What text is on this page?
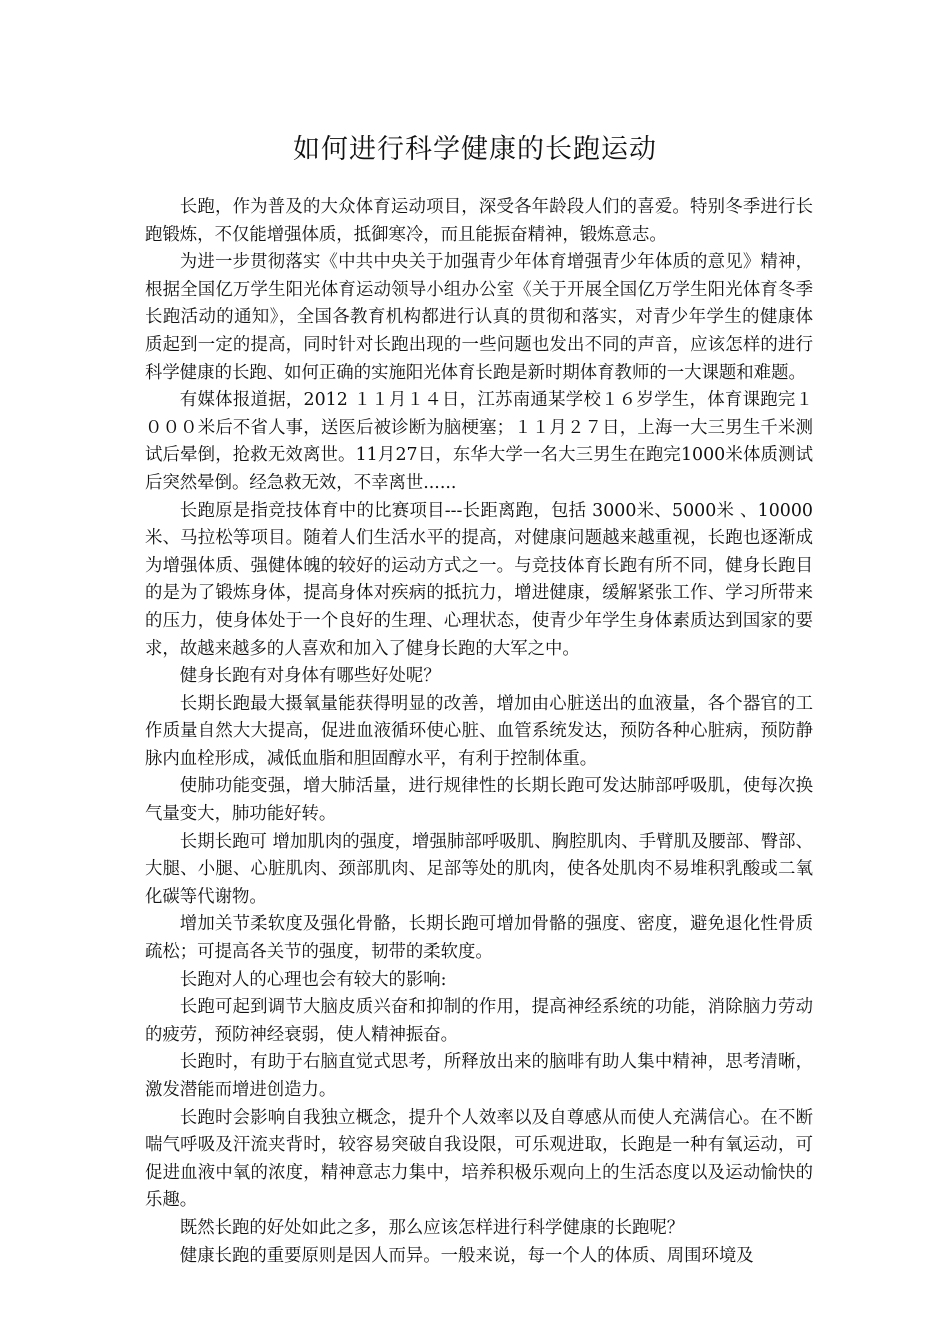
如何进行科学健康的长跑运动

长跑，作为普及的大众体育运动项目，深受各年龄段人们的喜爱。特别冬季进行长跑锻炼，不仅能增强体质，抵御寒冷，而且能振奋精神，锻炼意志。

为进一步贯彻落实《中共中央关于加强青少年体育增强青少年体质的意见》精神，根据全国亿万学生阳光体育运动领导小组办公室《关于开展全国亿万学生阳光体育冬季长跑活动的通知》，全国各教育机构都进行认真的贯彻和落实，对青少年学生的健康体质起到一定的提高，同时针对长跑出现的一些问题也发出不同的声音，应该怎样的进行科学健康的长跑、如何正确的实施阳光体育长跑是新时期体育教师的一大课题和难题。

有媒体报道据，2012 １１月１４日，江苏南通某学校１６岁学生，体育课跑完１０００米后不省人事，送医后被诊断为脑梗塞；１１月２７日，上海一大三男生千米测试后晕倒，抢救无效离世。11月27日，东华大学一名大三男生在跑完1000米体质测试后突然晕倒。经急救无效，不幸离世......

长跑原是指竞技体育中的比赛项目---长距离跑，包括 3000米、5000米 、10000米、马拉松等项目。随着人们生活水平的提高，对健康问题越来越重视，长跑也逐渐成为增强体质、强健体魄的较好的运动方式之一。与竞技体育长跑有所不同，健身长跑目的是为了锻炼身体，提高身体对疾病的抵抗力，增进健康，缓解紧张工作、学习所带来的压力，使身体处于一个良好的生理、心理状态，使青少年学生身体素质达到国家的要求，故越来越多的人喜欢和加入了健身长跑的大军之中。

健身长跑有对身体有哪些好处呢？

长期长跑最大摄氧量能获得明显的改善，增加由心脏送出的血液量，各个器官的工作质量自然大大提高，促进血液循环使心脏、血管系统发达，预防各种心脏病，预防静脉内血栓形成，减低血脂和胆固醇水平，有利于控制体重。

使肺功能变强，增大肺活量，进行规律性的长期长跑可发达肺部呼吸肌，使每次换气量变大，肺功能好转。

长期长跑可 增加肌肉的强度，增强肺部呼吸肌、胸腔肌肉、手臂肌及腰部、臀部、大腿、小腿、心脏肌肉、颈部肌肉、足部等处的肌肉，使各处肌肉不易堆积乳酸或二氧化碳等代谢物。

增加关节柔软度及强化骨骼，长期长跑可增加骨骼的强度、密度，避免退化性骨质疏松；可提高各关节的强度，韧带的柔软度。

长跑对人的心理也会有较大的影响:

长跑可起到调节大脑皮质兴奋和抑制的作用，提高神经系统的功能，消除脑力劳动的疲劳，预防神经衰弱，使人精神振奋。

长跑时，有助于右脑直觉式思考，所释放出来的脑啡有助人集中精神，思考清晰，激发潜能而增进创造力。

长跑时会影响自我独立概念，提升个人效率以及自尊感从而使人充满信心。在不断喘气呼吸及汗流夹背时，较容易突破自我设限，可乐观进取，长跑是一种有氧运动，可促进血液中氧的浓度，精神意志力集中，培养积极乐观向上的生活态度以及运动愉快的乐趣。

既然长跑的好处如此之多，那么应该怎样进行科学健康的长跑呢？

健康长跑的重要原则是因人而异。一般来说，每一个人的体质、周围环境及
